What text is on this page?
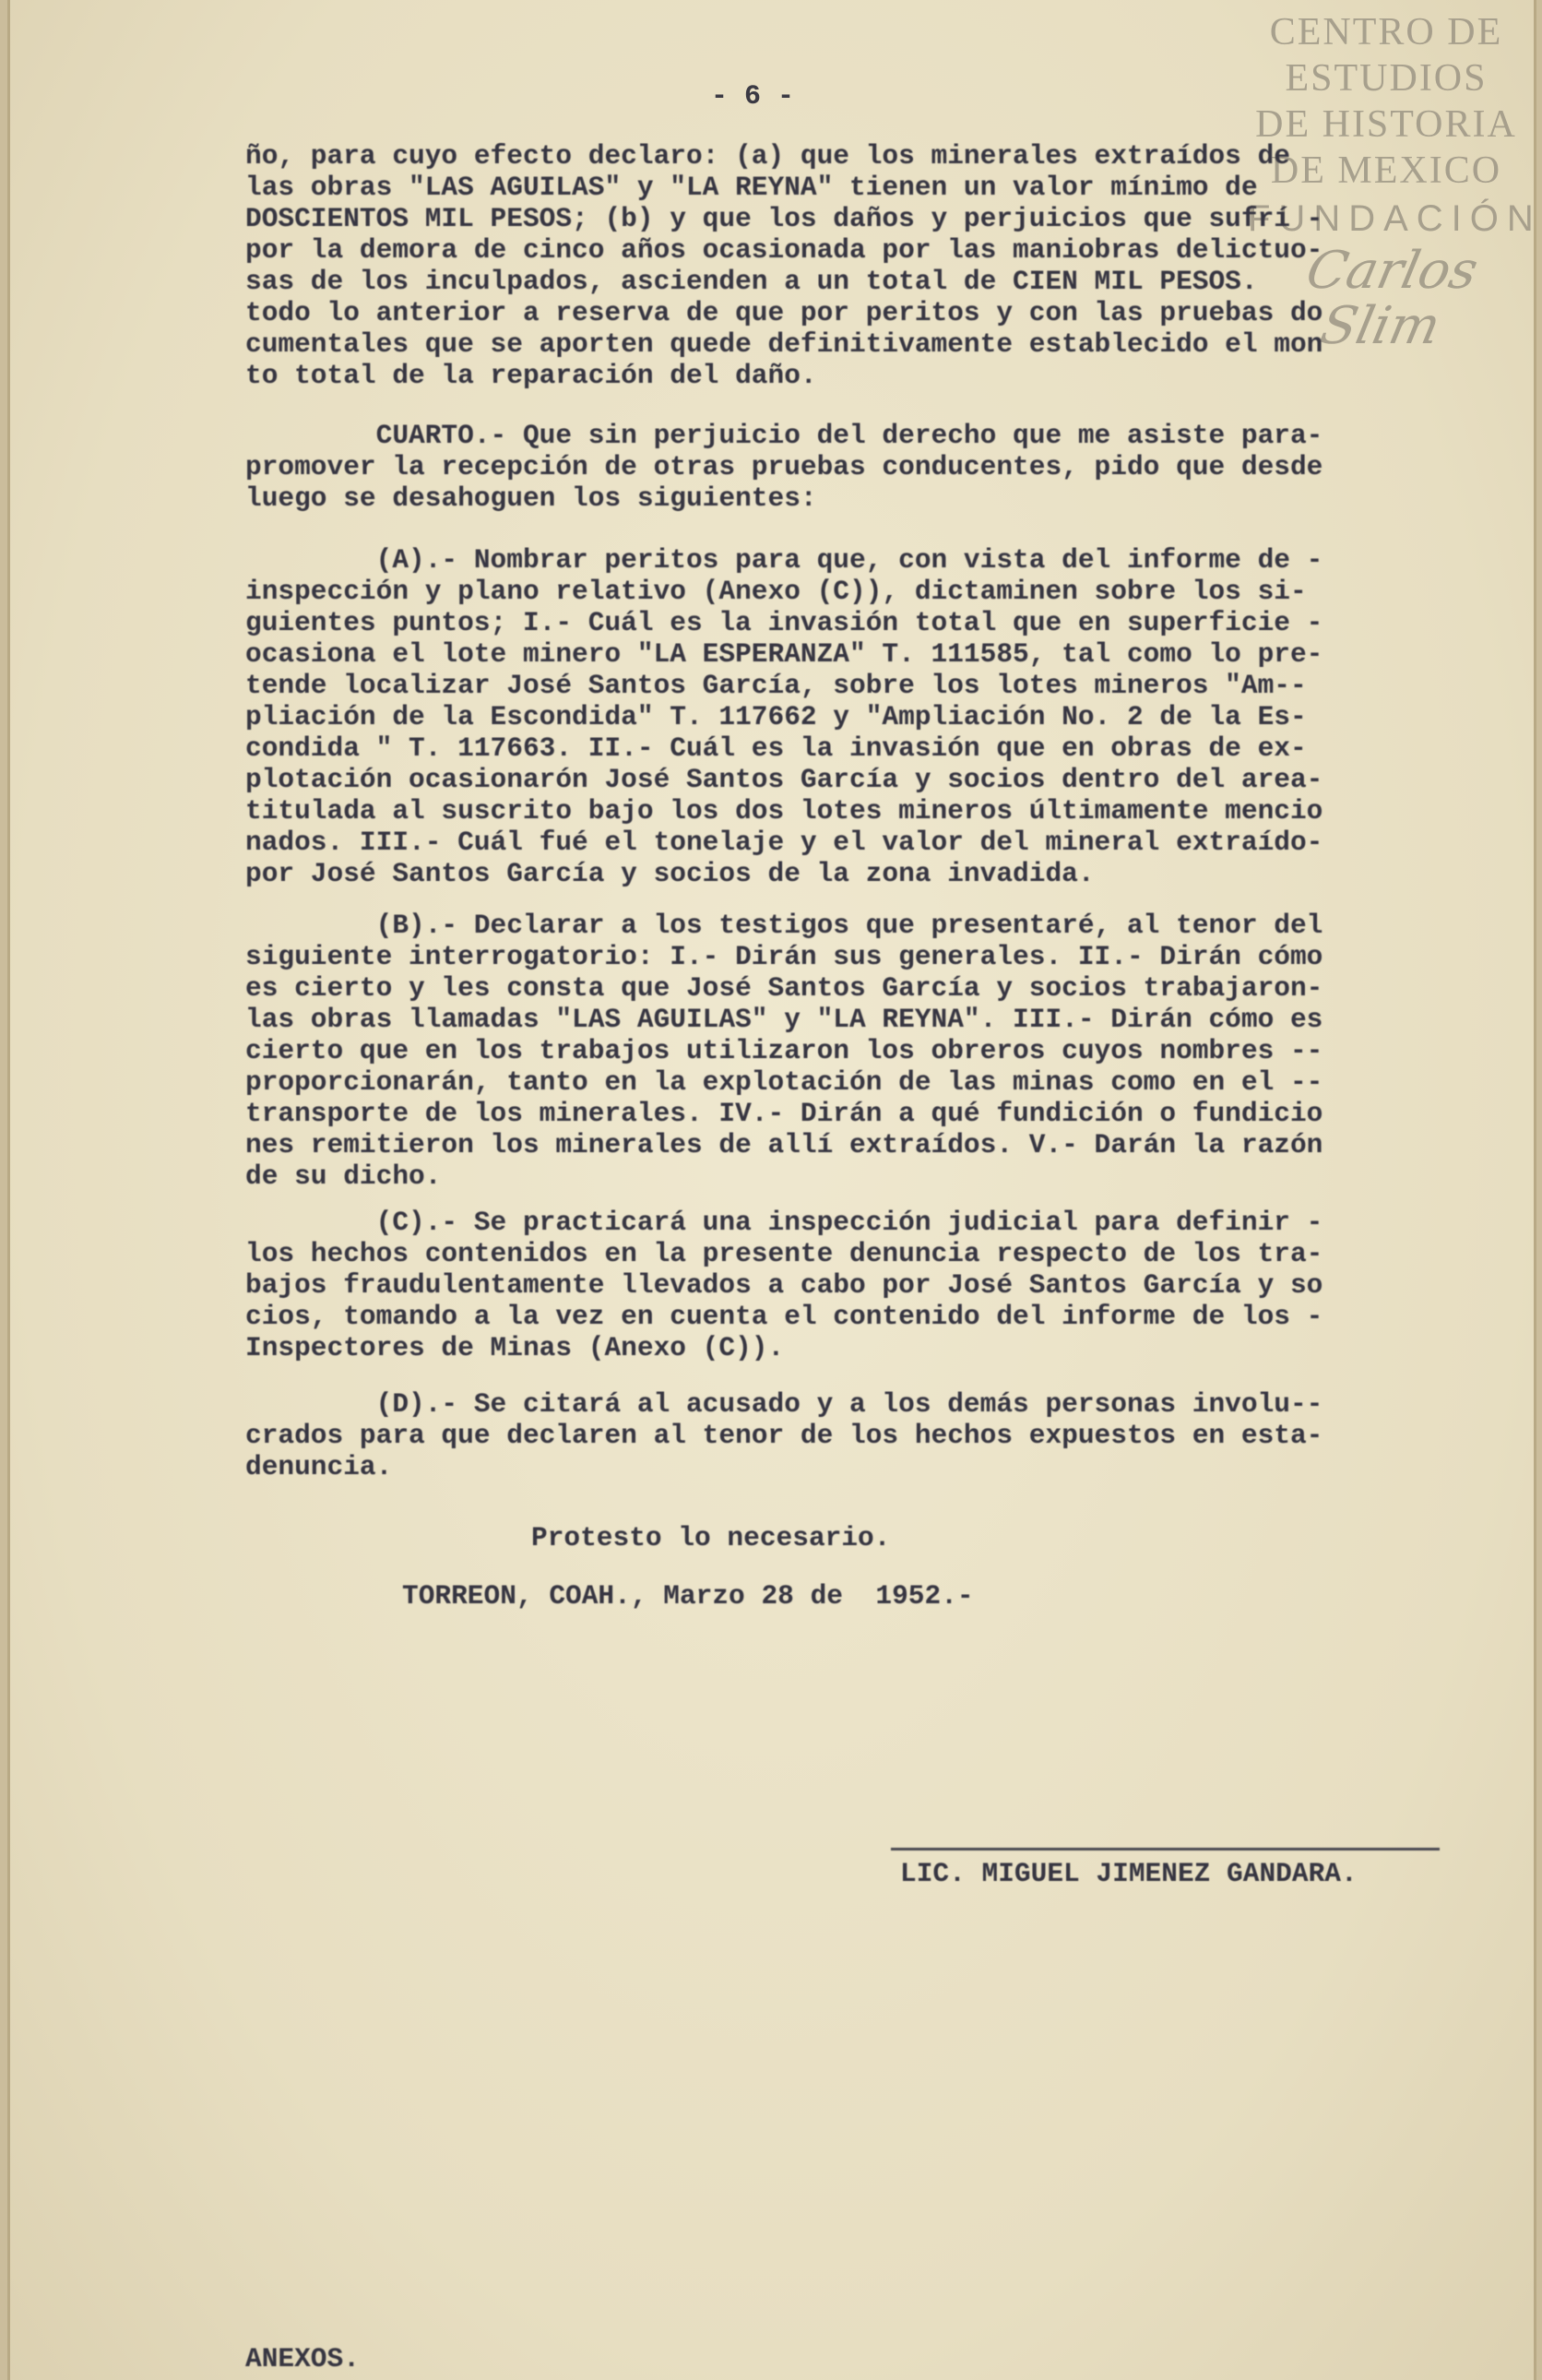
CENTRO DE
ESTUDIOS
DE HISTORIA
DE MEXICO
FUNDACIÓN
Carlos Slim
- 6 -
ño, para cuyo efecto declaro: (a) que los minerales extraídos de
las obras "LAS AGUILAS" y "LA REYNA" tienen un valor mínimo de
DOSCIENTOS MIL PESOS; (b) y que los daños y perjuicios que sufrí -
por la demora de cinco años ocasionada por las maniobras delictuo-
sas de los inculpados, ascienden a un total de CIEN MIL PESOS.
todo lo anterior a reserva de que por peritos y con las pruebas do
cumentales que se aporten quede definitivamente establecido el mon
to total de la reparación del daño.
CUARTO.- Que sin perjuicio del derecho que me asiste para-
promover la recepción de otras pruebas conducentes, pido que desde
luego se desahoguen los siguientes:
(A).- Nombrar peritos para que, con vista del informe de -
inspección y plano relativo (Anexo (C)), dictaminen sobre los si-
guientes puntos; I.- Cuál es la invasión total que en superficie -
ocasiona el lote minero "LA ESPERANZA" T. 111585, tal como lo pre-
tende localizar José Santos García, sobre los lotes mineros "Am--
pliación de la Escondida" T. 117662 y "Ampliación No. 2 de la Es-
condida " T. 117663. II.- Cuál es la invasión que en obras de ex-
plotación ocasionarón José Santos García y socios dentro del area-
titulada al suscrito bajo los dos lotes mineros últimamente mencio
nados. III.- Cuál fué el tonelaje y el valor del mineral extraído-
por José Santos García y socios de la zona invadida.
(B).- Declarar a los testigos que presentaré, al tenor del
siguiente interrogatorio: I.- Dirán sus generales. II.- Dirán cómo
es cierto y les consta que José Santos García y socios trabajaron-
las obras llamadas "LAS AGUILAS" y "LA REYNA". III.- Dirán cómo es
cierto que en los trabajos utilizaron los obreros cuyos nombres --
proporcionarán, tanto en la explotación de las minas como en el --
transporte de los minerales. IV.- Dirán a qué fundición o fundicio
nes remitieron los minerales de allí extraídos. V.- Darán la razón
de su dicho.
(C).- Se practicará una inspección judicial para definir -
los hechos contenidos en la presente denuncia respecto de los tra-
bajos fraudulentamente llevados a cabo por José Santos García y so
cios, tomando a la vez en cuenta el contenido del informe de los -
Inspectores de Minas (Anexo (C)).
(D).- Se citará al acusado y a los demás personas involu--
crados para que declaren al tenor de los hechos expuestos en esta-
denuncia.
Protesto lo necesario.
TORREON, COAH., Marzo 28 de  1952.-
LIC. MIGUEL JIMENEZ GANDARA.
ANEXOS.
